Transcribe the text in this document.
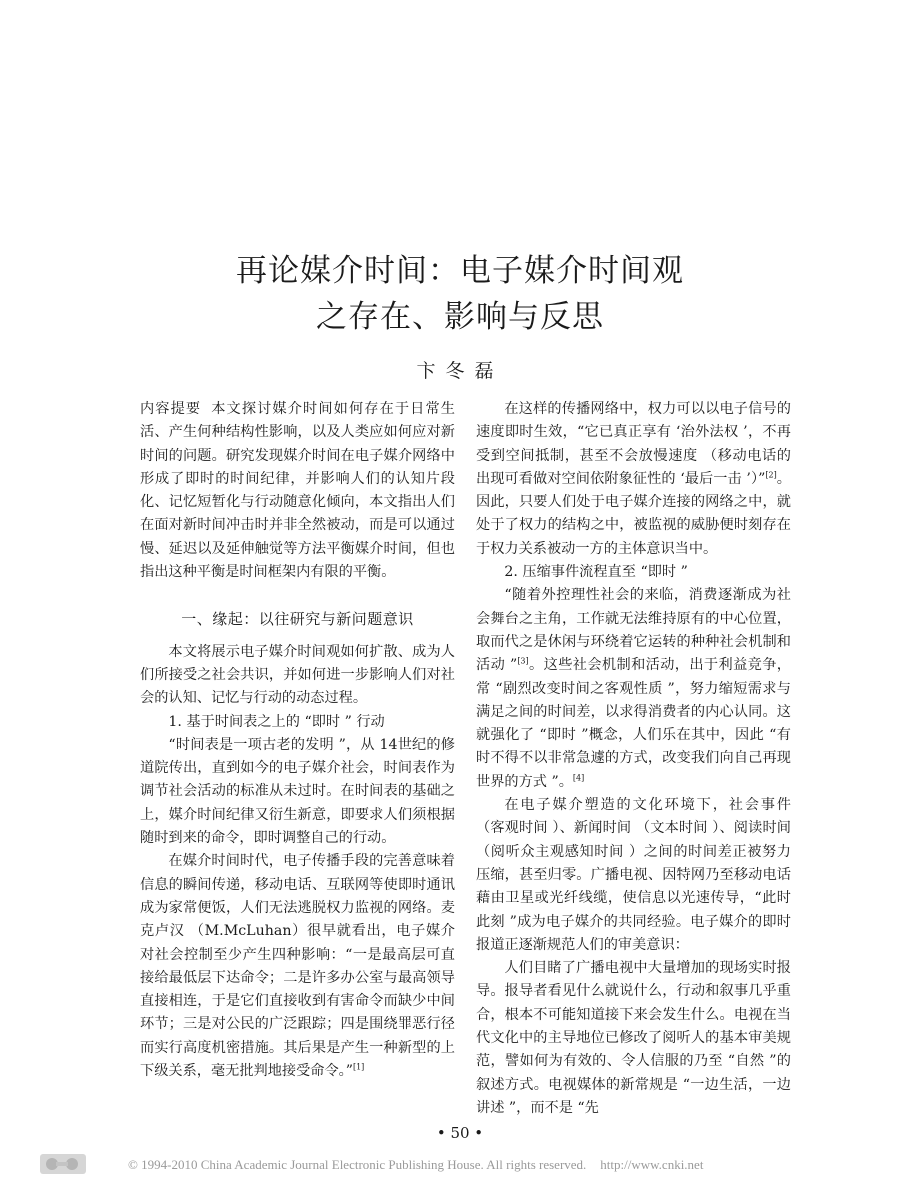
再论媒介时间：电子媒介时间观
之存在、影响与反思
卞冬磊

内容提要 本文探讨媒介时间如何存在于日常生活、产生何种结构性影响，以及人类应如何应对新时间的问题。研究发现媒介时间在电子媒介网络中形成了即时的时间纪律，并影响人们的认知片段化、记忆短暂化与行动随意化倾向，本文指出人们在面对新时间冲击时并非全然被动，而是可以通过慢、延迟以及延伸触觉等方法平衡媒介时间，但也指出这种平衡是时间框架内有限的平衡。

一、缘起：以往研究与新问题意识

本文将展示电子媒介时间观如何扩散、成为人们所接受之社会共识，并如何进一步影响人们对社会的认知、记忆与行动的动态过程。

1. 基于时间表之上的 “即时 ” 行动

“时间表是一项古老的发明 ”，从 14世纪的修道院传出，直到如今的电子媒介社会，时间表作为调节社会活动的标准从未过时。在时间表的基础之上，媒介时间纪律又衍生新意，即要求人们须根据随时到来的命令，即时调整自己的行动。

在媒介时间时代，电子传播手段的完善意味着信息的瞬间传递，移动电话、互联网等使即时通讯成为家常便饭，人们无法逃脱权力监视的网络。麦克卢汉 （M.McLuhan）很早就看出，电子媒介对社会控制至少产生四种影响：“一是最高层可直接给最低层下达命令；二是许多办公室与最高领导直接相连，于是它们直接收到有害命令而缺少中间环节；三是对公民的广泛跟踪；四是围绕罪恶行径而实行高度机密措施。其后果是产生一种新型的上下级关系，毫无批判地接受命令。”[1]

在这样的传播网络中，权力可以以电子信号的速度即时生效，“它已真正享有 ‘治外法权 ’，不再受到空间抵制，甚至不会放慢速度 （移动电话的出现可看做对空间依附象征性的 ‘最后一击 ’）”[2]。因此，只要人们处于电子媒介连接的网络之中，就处于了权力的结构之中，被监视的威胁便时刻存在于权力关系被动一方的主体意识当中。

2. 压缩事件流程直至 “即时 ”

“随着外控理性社会的来临，消费逐渐成为社会舞台之主角，工作就无法维持原有的中心位置，取而代之是休闲与环绕着它运转的种种社会机制和活动 ”[3]。这些社会机制和活动，出于利益竞争，常 “剧烈改变时间之客观性质 ”，努力缩短需求与满足之间的时间差，以求得消费者的内心认同。这就强化了 “即时 ”概念，人们乐在其中，因此 “有时不得不以非常急遽的方式，改变我们向自己再现世界的方式 ”。[4]

在电子媒介塑造的文化环境下，社会事件 （客观时间 ）、新闻时间 （文本时间 ）、阅读时间 （阅听众主观感知时间 ）之间的时间差正被努力压缩，甚至归零。广播电视、因特网乃至移动电话藉由卫星或光纤线缆，使信息以光速传导，“此时此刻 ”成为电子媒介的共同经验。电子媒介的即时报道正逐渐规范人们的审美意识：

人们目睹了广播电视中大量增加的现场实时报导。报导者看见什么就说什么，行动和叙事几乎重合，根本不可能知道接下来会发生什么。电视在当代文化中的主导地位已修改了阅听人的基本审美规范，譬如何为有效的、令人信服的乃至 “自然 ”的叙述方式。电视媒体的新常规是 “一边生活，一边讲述 ”，而不是 “先

• 50 •
© 1994-2010 China Academic Journal Electronic Publishing House. All rights reserved. http://www.cnki.net
